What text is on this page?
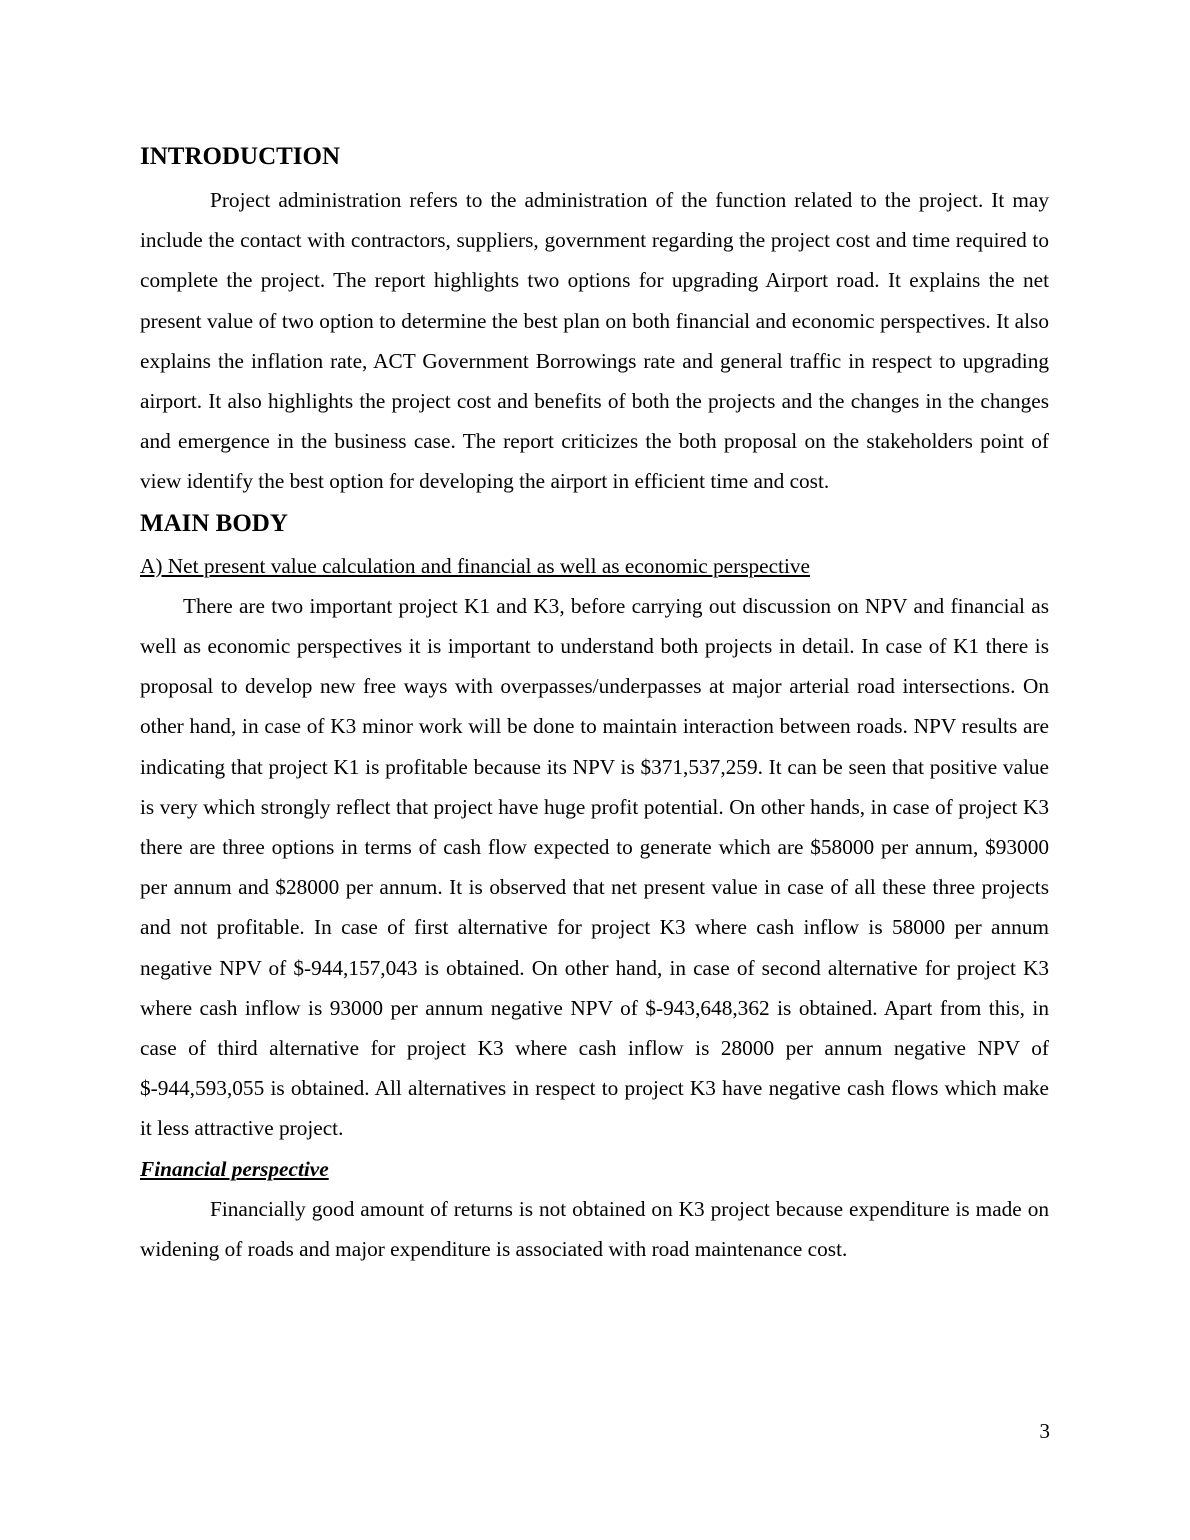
INTRODUCTION

Project administration refers to the administration of the function related to the project. It may include the contact with contractors, suppliers, government regarding the project cost and time required to complete the project. The report highlights two options for upgrading Airport road. It explains the net present value of two option to determine the best plan on both financial and economic perspectives. It also explains the inflation rate, ACT Government Borrowings rate and general traffic in respect to upgrading airport. It also highlights the project cost and benefits of both the projects and the changes in the changes and emergence in the business case. The report criticizes the both proposal on the stakeholders point of view identify the best option for developing the airport in efficient time and cost.

MAIN BODY
A) Net present value calculation and financial as well as economic perspective

There are two important project K1 and K3, before carrying out discussion on NPV and financial as well as economic perspectives it is important to understand both projects in detail. In case of K1 there is proposal to develop new free ways with overpasses/underpasses at major arterial road intersections. On other hand, in case of K3 minor work will be done to maintain interaction between roads. NPV results are indicating that project K1 is profitable because its NPV is $371,537,259. It can be seen that positive value is very which strongly reflect that project have huge profit potential. On other hands, in case of project K3 there are three options in terms of cash flow expected to generate which are $58000 per annum, $93000 per annum and $28000 per annum. It is observed that net present value in case of all these three projects and not profitable. In case of first alternative for project K3 where cash inflow is 58000 per annum negative NPV of $-944,157,043 is obtained. On other hand, in case of second alternative for project K3 where cash inflow is 93000 per annum negative NPV of $-943,648,362 is obtained. Apart from this, in case of third alternative for project K3 where cash inflow is 28000 per annum negative NPV of $-944,593,055 is obtained. All alternatives in respect to project K3 have negative cash flows which make it less attractive project.

Financial perspective

Financially good amount of returns is not obtained on K3 project because expenditure is made on widening of roads and major expenditure is associated with road maintenance cost.

3
